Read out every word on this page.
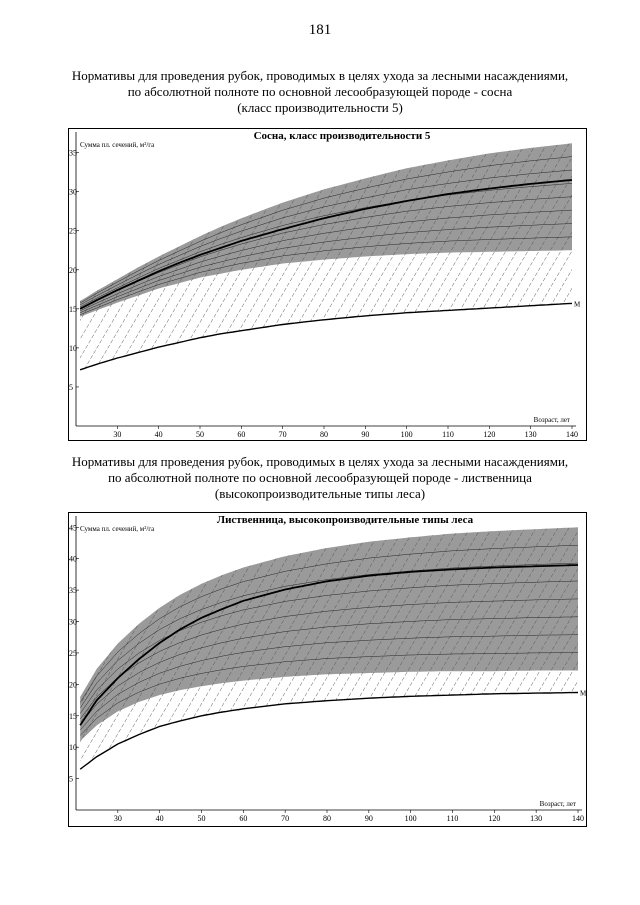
181
Нормативы для проведения рубок, проводимых в целях ухода за лесными насаждениями,
по абсолютной полноте по основной лесообразующей породе - сосна
(класс производительности 5)
М
5
10
15
20
25
30
35
30	40	50	60	70	80	90	100	110	120	130	140
Сумма пл. сечений, м²/га
Возраст, лет
Сосна, класс производительности 5
Нормативы для проведения рубок, проводимых в целях ухода за лесными насаждениями,
по абсолютной полноте по основной лесообразующей породе - лиственница
(высокопроизводительные типы леса)
М
5
10
15
20
25
30
35
40
45
30	40	50	60	70	80	90	100	110	120	130	140
Сумма пл. сечений, м²/га
Возраст, лет
Лиственница, высокопроизводительные типы леса
